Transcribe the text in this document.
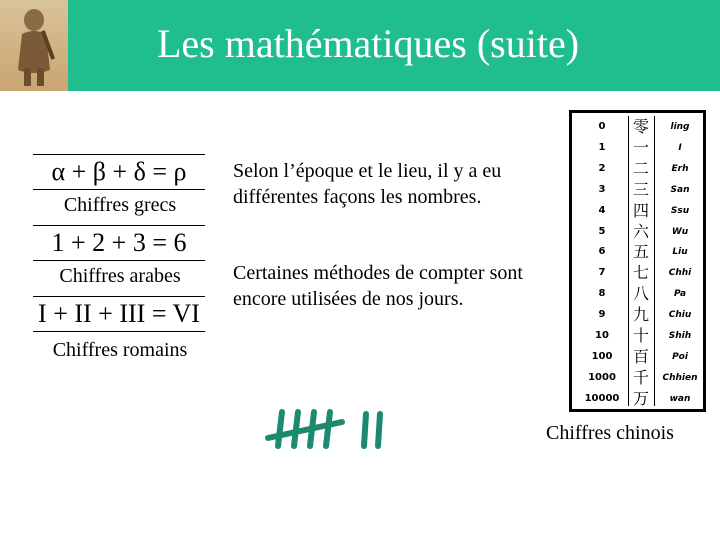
Les mathématiques (suite)
α + β + δ = ρ
Chiffres grecs
1 + 2 + 3 = 6
Chiffres arabes
I + II + III = VI
Chiffres romains
Selon l’époque et le lieu, il y a eu différentes façons les nombres.
Certaines méthodes de compter sont encore utilisées de nos jours.
0	零	ling
1	一	I
2	二	Erh
3	三	San
4	四	Ssu
5	六	Wu
6	五	Liu
7	七	Chhi
8	八	Pa
9	九	Chiu
10	十	Shih
100	百	Poi
1000	千	Chhien
10000 万	wan
Chiffres chinois
